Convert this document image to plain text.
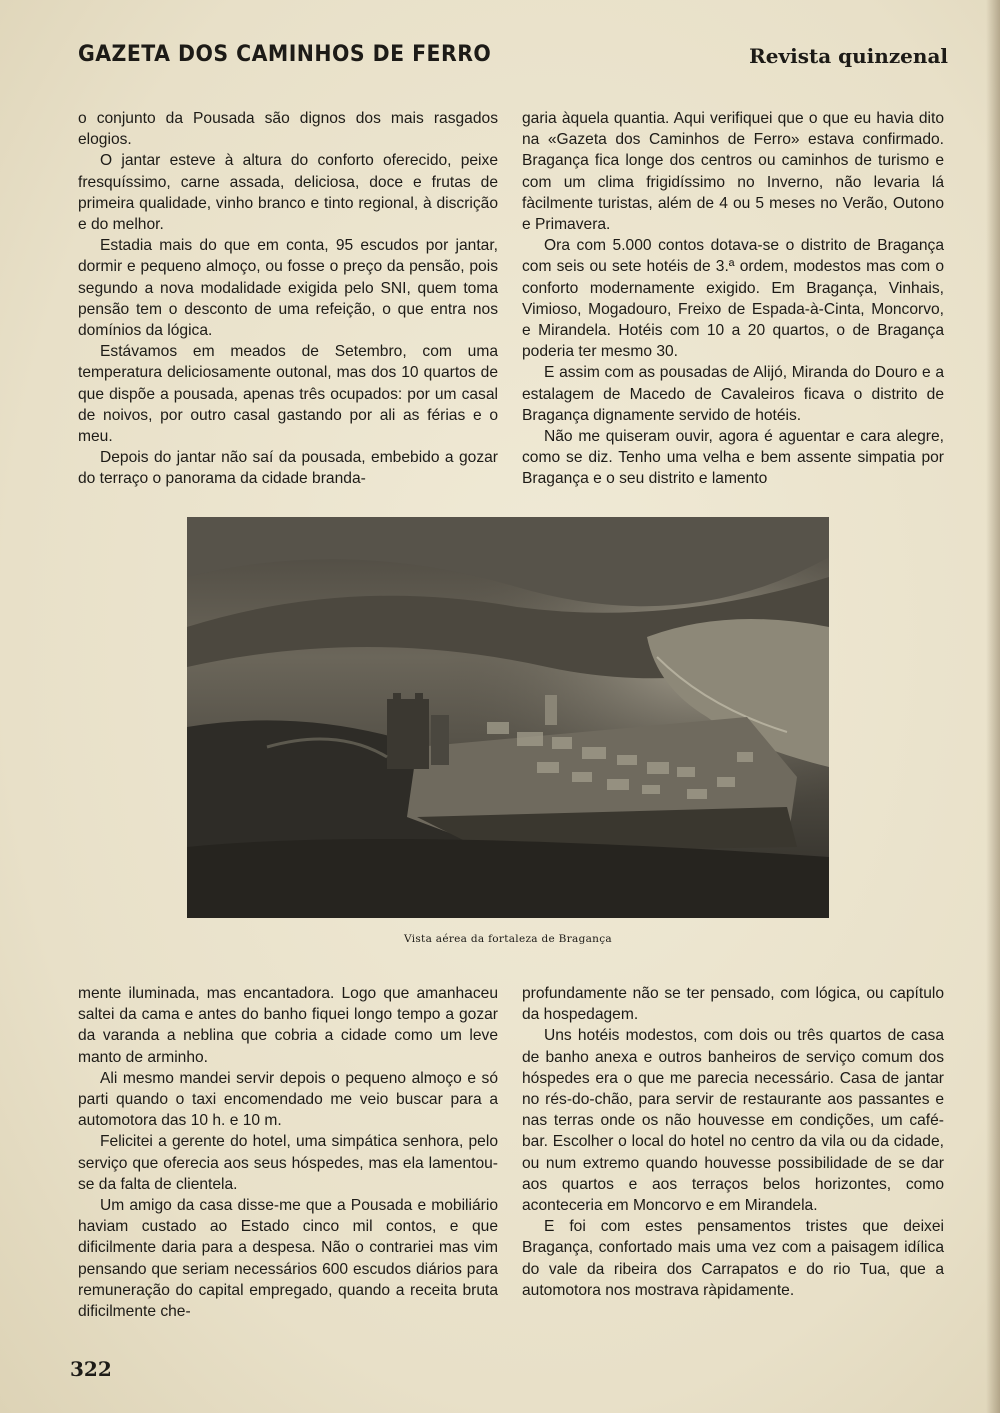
GAZETA DOS CAMINHOS DE FERRO	Revista quinzenal

o conjunto da Pousada são dignos dos mais rasgados elogios.

O jantar esteve à altura do conforto oferecido, peixe fresquíssimo, carne assada, deliciosa, doce e frutas de primeira qualidade, vinho branco e tinto regional, à discrição e do melhor.

Estadia mais do que em conta, 95 escudos por jantar, dormir e pequeno almoço, ou fosse o preço da pensão, pois segundo a nova modalidade exigida pelo SNI, quem toma pensão tem o desconto de uma refeição, o que entra nos domínios da lógica.

Estávamos em meados de Setembro, com uma temperatura deliciosamente outonal, mas dos 10 quartos de que dispõe a pousada, apenas três ocupados: por um casal de noivos, por outro casal gastando por ali as férias e o meu.

Depois do jantar não saí da pousada, embebido a gozar do terraço o panorama da cidade branda-

garia àquela quantia. Aqui verifiquei que o que eu havia dito na «Gazeta dos Caminhos de Ferro» estava confirmado. Bragança fica longe dos centros ou caminhos de turismo e com um clima frigidíssimo no Inverno, não levaria lá fàcilmente turistas, além de 4 ou 5 meses no Verão, Outono e Primavera.

Ora com 5.000 contos dotava-se o distrito de Bragança com seis ou sete hotéis de 3.ª ordem, modestos mas com o conforto modernamente exigido. Em Bragança, Vinhais, Vimioso, Mogadouro, Freixo de Espada-à-Cinta, Moncorvo, e Mirandela. Hotéis com 10 a 20 quartos, o de Bragança poderia ter mesmo 30.

E assim com as pousadas de Alijó, Miranda do Douro e a estalagem de Macedo de Cavaleiros ficava o distrito de Bragança dignamente servido de hotéis.

Não me quiseram ouvir, agora é aguentar e cara alegre, como se diz. Tenho uma velha e bem assente simpatia por Bragança e o seu distrito e lamento

Vista aérea da fortaleza de Bragança

mente iluminada, mas encantadora. Logo que amanhaceu saltei da cama e antes do banho fiquei longo tempo a gozar da varanda a neblina que cobria a cidade como um leve manto de arminho.

Ali mesmo mandei servir depois o pequeno almoço e só parti quando o taxi encomendado me veio buscar para a automotora das 10 h. e 10 m.

Felicitei a gerente do hotel, uma simpática senhora, pelo serviço que oferecia aos seus hóspedes, mas ela lamentou-se da falta de clientela.

Um amigo da casa disse-me que a Pousada e mobiliário haviam custado ao Estado cinco mil contos, e que dificilmente daria para a despesa. Não o contrariei mas vim pensando que seriam necessários 600 escudos diários para remuneração do capital empregado, quando a receita bruta dificilmente che-

profundamente não se ter pensado, com lógica, ou capítulo da hospedagem.

Uns hotéis modestos, com dois ou três quartos de casa de banho anexa e outros banheiros de serviço comum dos hóspedes era o que me parecia necessário. Casa de jantar no rés-do-chão, para servir de restaurante aos passantes e nas terras onde os não houvesse em condições, um café-bar. Escolher o local do hotel no centro da vila ou da cidade, ou num extremo quando houvesse possibilidade de se dar aos quartos e aos terraços belos horizontes, como aconteceria em Moncorvo e em Mirandela.

E foi com estes pensamentos tristes que deixei Bragança, confortado mais uma vez com a paisagem idílica do vale da ribeira dos Carrapatos e do rio Tua, que a automotora nos mostrava ràpidamente.

322
